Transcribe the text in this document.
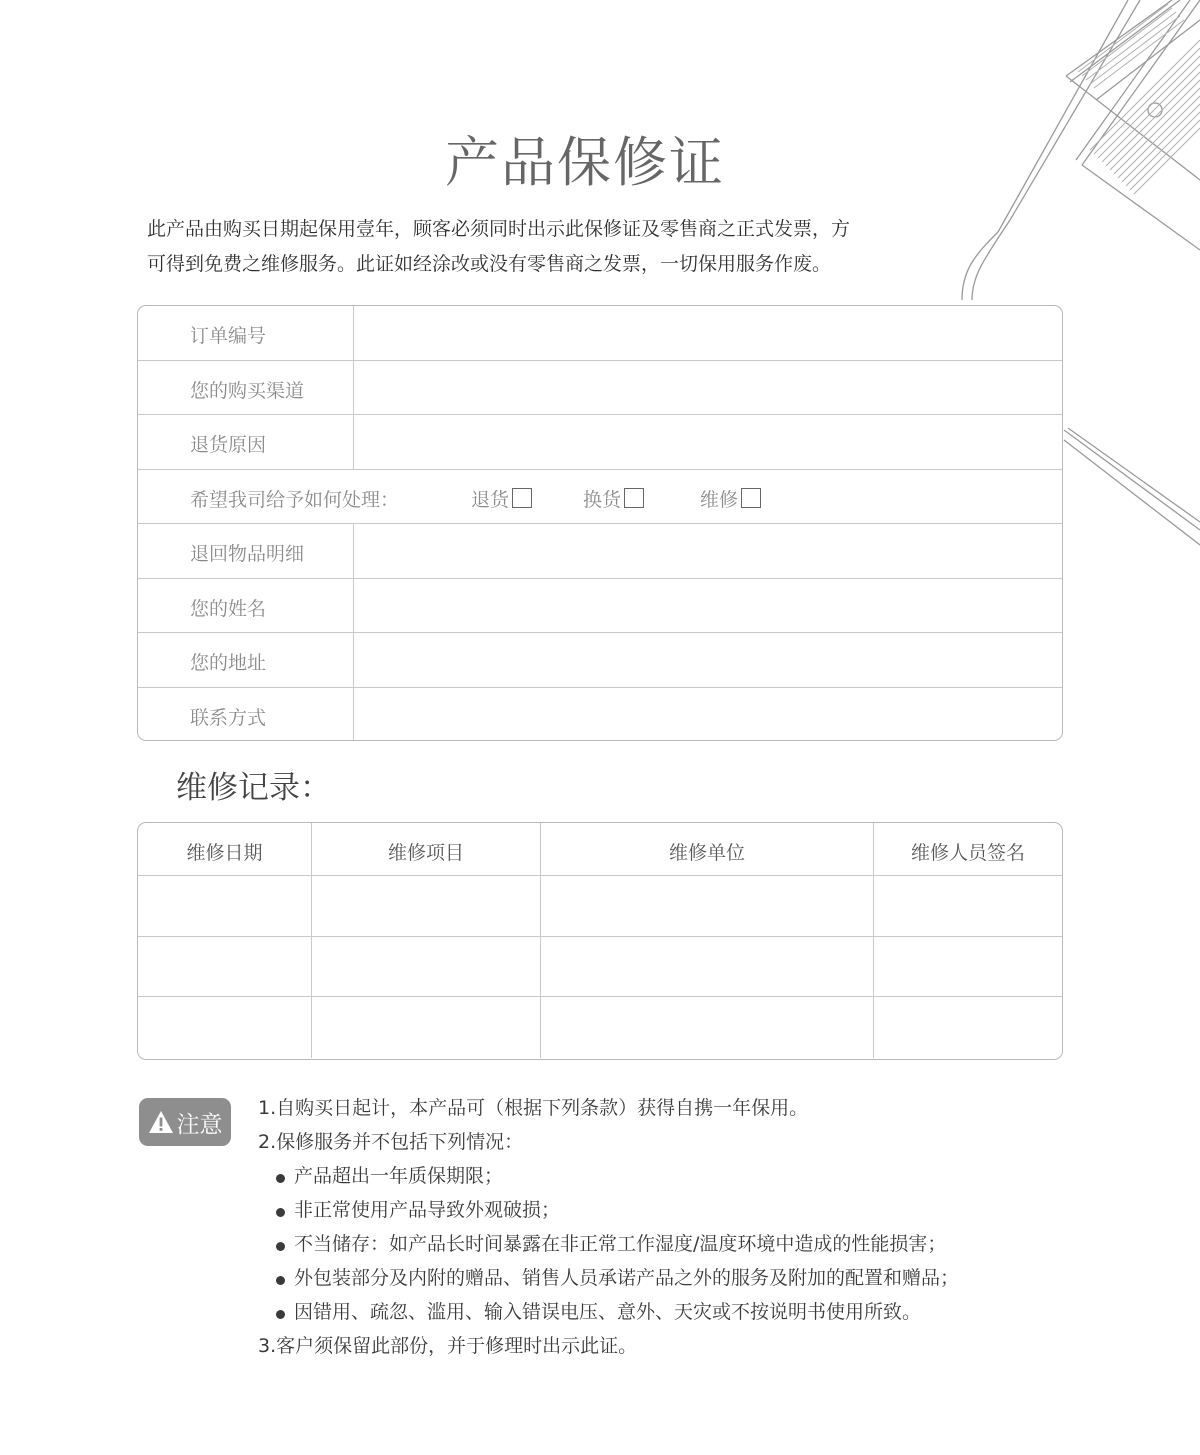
产品保修证
此产品由购买日期起保用壹年，顾客必须同时出示此保修证及零售商之正式发票，方
可得到免费之维修服务。此证如经涂改或没有零售商之发票，一切保用服务作废。
订单编号
您的购买渠道
退货原因
希望我司给予如何处理：	退货	换货	维修
退回物品明细
您的姓名
您的地址
联系方式
维修记录：
维修日期	维修项目	维修单位	维修人员签名
注意
1.自购买日起计，本产品可（根据下列条款）获得自携一年保用。
2.保修服务并不包括下列情况：
产品超出一年质保期限；
非正常使用产品导致外观破损；
不当储存：如产品长时间暴露在非正常工作湿度/温度环境中造成的性能损害；
外包装部分及内附的赠品、销售人员承诺产品之外的服务及附加的配置和赠品；
因错用、疏忽、滥用、输入错误电压、意外、天灾或不按说明书使用所致。
3.客户须保留此部份，并于修理时出示此证。
